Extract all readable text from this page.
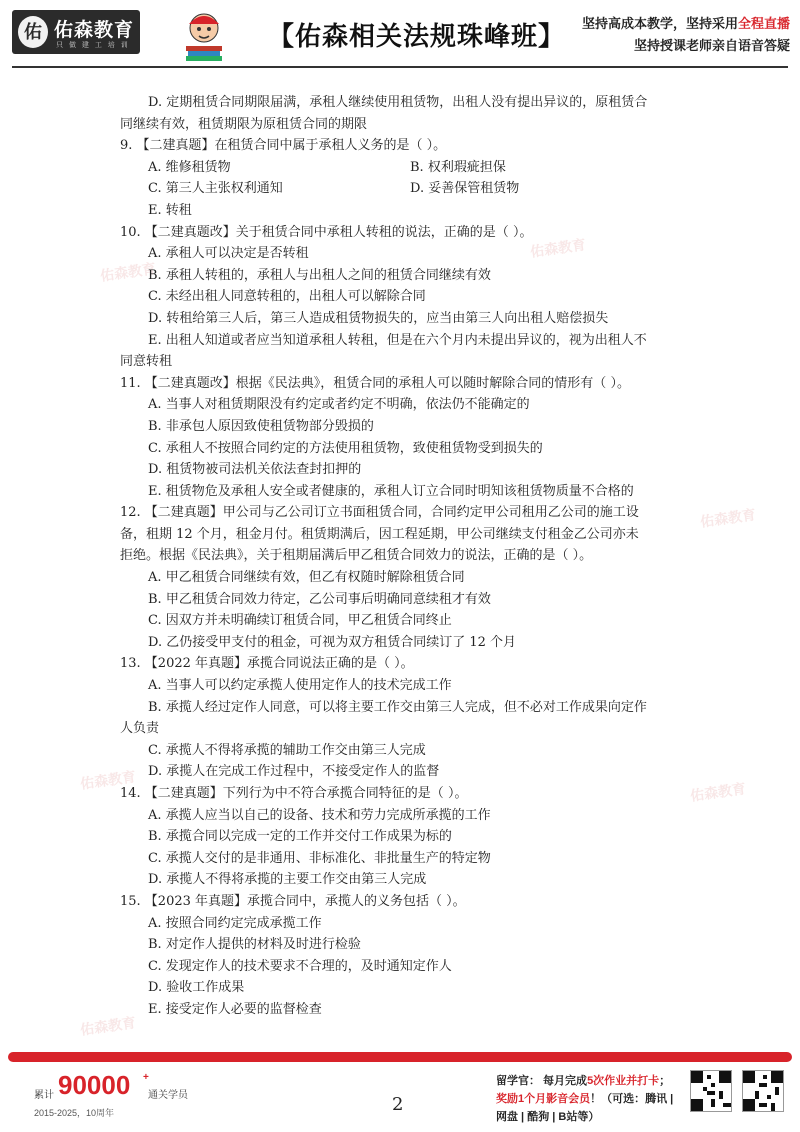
佑 佑森教育
只 做 建 工 培 训	【佑森相关法规珠峰班】 坚持高成本教学，坚持采用全程直播
坚持授课老师亲自语音答疑
佑森教育
佑森教育
佑森教育
佑森教育
佑森教育
佑森教育
D. 定期租赁合同期限届满，承租人继续使用租赁物，出租人没有提出异议的，原租赁合
同继续有效，租赁期限为原租赁合同的期限
9. 【二建真题】在租赁合同中属于承租人义务的是（ ）。
A. 维修租赁物	B. 权利瑕疵担保
C. 第三人主张权利通知	D. 妥善保管租赁物
E. 转租
10. 【二建真题改】关于租赁合同中承租人转租的说法，正确的是（ ）。
A. 承租人可以决定是否转租
B. 承租人转租的，承租人与出租人之间的租赁合同继续有效
C. 未经出租人同意转租的，出租人可以解除合同
D. 转租给第三人后，第三人造成租赁物损失的，应当由第三人向出租人赔偿损失
E. 出租人知道或者应当知道承租人转租，但是在六个月内未提出异议的，视为出租人不
同意转租
11. 【二建真题改】根据《民法典》，租赁合同的承租人可以随时解除合同的情形有（ ）。
A. 当事人对租赁期限没有约定或者约定不明确，依法仍不能确定的
B. 非承包人原因致使租赁物部分毁损的
C. 承租人不按照合同约定的方法使用租赁物，致使租赁物受到损失的
D. 租赁物被司法机关依法查封扣押的
E. 租赁物危及承租人安全或者健康的，承租人订立合同时明知该租赁物质量不合格的
12. 【二建真题】甲公司与乙公司订立书面租赁合同，合同约定甲公司租用乙公司的施工设
备，租期 12 个月，租金月付。租赁期满后，因工程延期，甲公司继续支付租金乙公司亦未
拒绝。根据《民法典》，关于租期届满后甲乙租赁合同效力的说法，正确的是（ ）。
A. 甲乙租赁合同继续有效，但乙有权随时解除租赁合同
B. 甲乙租赁合同效力待定，乙公司事后明确同意续租才有效
C. 因双方并未明确续订租赁合同，甲乙租赁合同终止
D. 乙仍接受甲支付的租金，可视为双方租赁合同续订了 12 个月
13. 【2022 年真题】承揽合同说法正确的是（ ）。
A. 当事人可以约定承揽人使用定作人的技术完成工作
B. 承揽人经过定作人同意，可以将主要工作交由第三人完成，但不必对工作成果向定作
人负责
C. 承揽人不得将承揽的辅助工作交由第三人完成
D. 承揽人在完成工作过程中，不接受定作人的监督
14. 【二建真题】下列行为中不符合承揽合同特征的是（ ）。
A. 承揽人应当以自己的设备、技术和劳力完成所承揽的工作
B. 承揽合同以完成一定的工作并交付工作成果为标的
C. 承揽人交付的是非通用、非标准化、非批量生产的特定物
D. 承揽人不得将承揽的主要工作交由第三人完成
15. 【2023 年真题】承揽合同中，承揽人的义务包括（ ）。
A. 按照合同约定完成承揽工作
B. 对定作人提供的材料及时进行检验
C. 发现定作人的技术要求不合理的，及时通知定作人
D. 验收工作成果
E. 接受定作人必要的监督检查
累计 90000 +
通关学员
2015-2025，10周年	2
留学官： 每月完成5次作业并打卡；
奖励1个月影音会员！（可选：腾讯 |
网盘 | 酷狗 | B站等）
